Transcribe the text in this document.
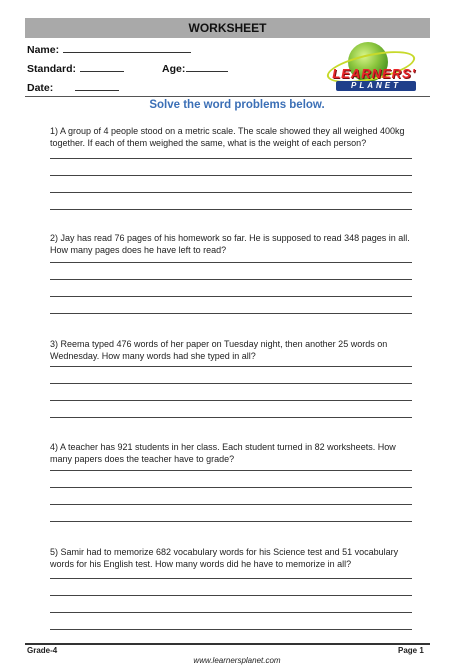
WORKSHEET
Name:
Standard:	Age:
Date:
LEARNERS'
PLANET
Solve the word problems below.
1) A group of 4 people stood on a metric scale. The scale showed they all weighed 400kg together. If each of them weighed the same, what is the weight of each person?
2) Jay has read 76 pages of his homework so far. He is supposed to read 348 pages in all. How many pages does he have left to read?
3) Reema typed 476 words of her paper on Tuesday night, then another 25 words on Wednesday. How many words had she typed in all?
4) A teacher has 921 students in her class. Each student turned in 82 worksheets. How many papers does the teacher have to grade?
5) Samir had to memorize 682 vocabulary words for his Science test and 51 vocabulary words for his English test. How many words did he have to memorize in all?
Grade-4	Page 1
www.learnersplanet.com
